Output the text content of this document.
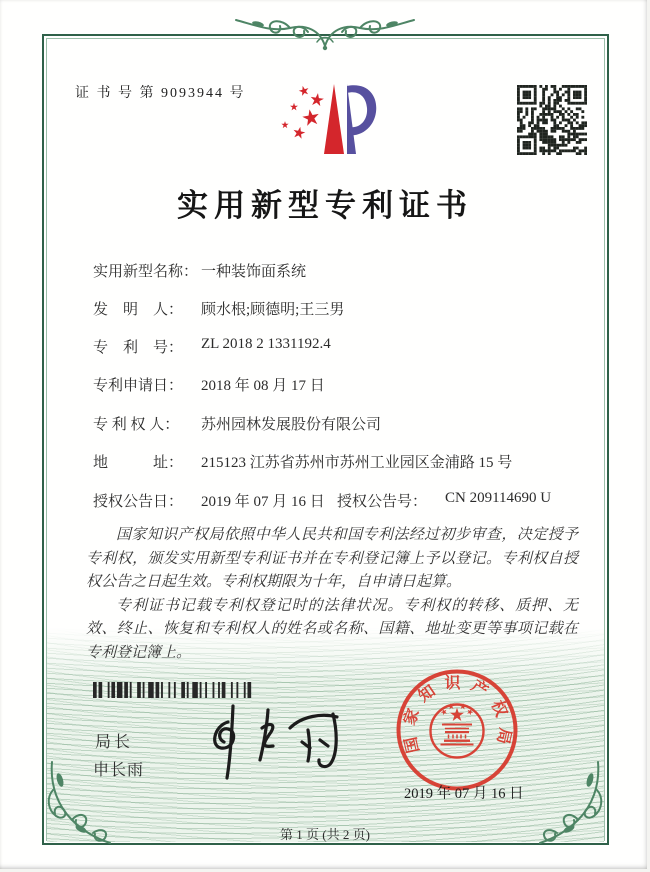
证 书 号 第 9093944 号
实用新型专利证书
实用新型名称： 一种装饰面系统
发　明　人： 顾水根;顾德明;王三男
专　利　号： ZL 2018 2 1331192.4
专利申请日： 2018 年 08 月 17 日
专 利 权 人： 苏州园林发展股份有限公司
地　　　址： 215123 江苏省苏州市苏州工业园区金浦路 15 号
授权公告日： 2019 年 07 月 16 日 授权公告号： CN 209114690 U

国家知识产权局依照中华人民共和国专利法经过初步审查，决定授予专利权，颁发实用新型专利证书并在专利登记簿上予以登记。专利权自授权公告之日起生效。专利权期限为十年，自申请日起算。

专利证书记载专利权登记时的法律状况。专利权的转移、质押、无效、终止、恢复和专利权人的姓名或名称、国籍、地址变更等事项记载在专利登记簿上。

局长
申长雨
国家知识产权局
2019 年 07 月 16 日
第 1 页 (共 2 页)
